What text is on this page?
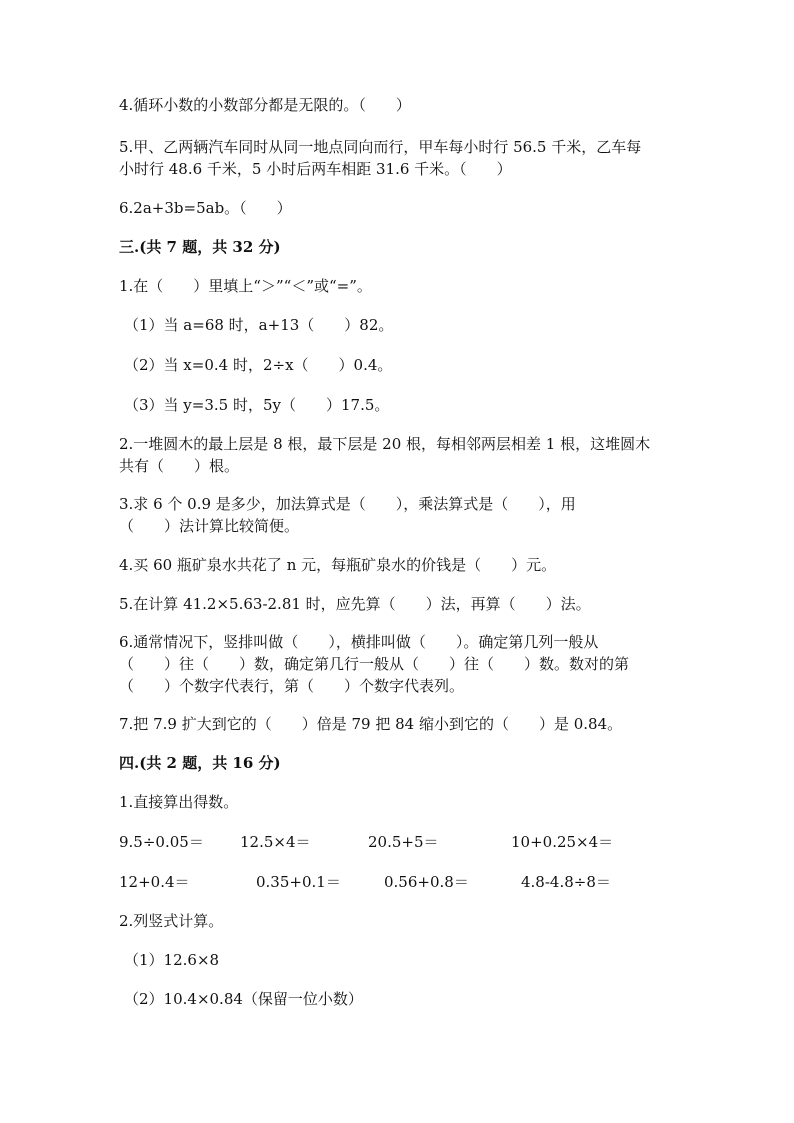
4.循环小数的小数部分都是无限的。（　　）
5.甲、乙两辆汽车同时从同一地点同向而行，甲车每小时行 56.5 千米，乙车每
小时行 48.6 千米，5 小时后两车相距 31.6 千米。（　　）
6.2a+3b=5ab。（　　）
三.(共 7 题，共 32 分)
1.在（　　）里填上“＞”“＜”或“=”。
（1）当 a=68 时，a+13（　　）82。
（2）当 x=0.4 时，2÷x（　　）0.4。
（3）当 y=3.5 时，5y（　　）17.5。
2.一堆圆木的最上层是 8 根，最下层是 20 根，每相邻两层相差 1 根，这堆圆木
共有（　　）根。
3.求 6 个 0.9 是多少，加法算式是（　　），乘法算式是（　　），用
（　　）法计算比较简便。
4.买 60 瓶矿泉水共花了 n 元，每瓶矿泉水的价钱是（　　）元。
5.在计算 41.2×5.63-2.81 时，应先算（　　）法，再算（　　）法。
6.通常情况下，竖排叫做（　　），横排叫做（　　）。确定第几列一般从
（　　）往（　　）数，确定第几行一般从（　　）往（　　）数。数对的第
（　　）个数字代表行，第（　　）个数字代表列。
7.把 7.9 扩大到它的（　　）倍是 79 把 84 缩小到它的（　　）是 0.84。
四.(共 2 题，共 16 分)
1.直接算出得数。
9.5÷0.05＝ 12.5×4＝	20.5+5＝	10+0.25×4＝
12+0.4＝	0.35+0.1＝	0.56+0.8＝	4.8-4.8÷8＝
2.列竖式计算。
（1）12.6×8
（2）10.4×0.84（保留一位小数）
